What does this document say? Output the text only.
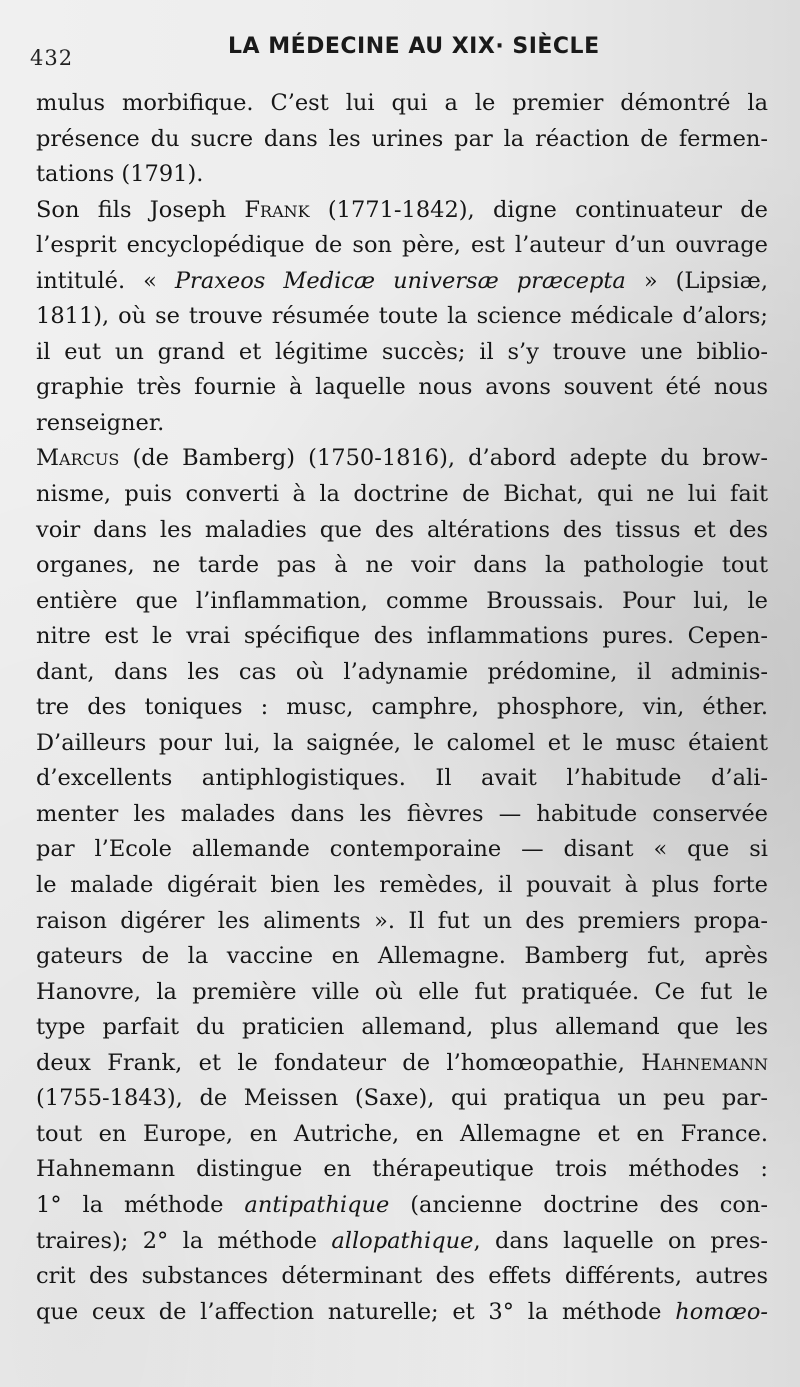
432	LA MÉDECINE AU XIX· SIÈCLE
mulus morbifique. C’est lui qui a le premier démontré la
présence du sucre dans les urines par la réaction de fermen-
tations (1791).
Son fils Joseph Frank (1771-1842), digne continuateur de
l’esprit encyclopédique de son père, est l’auteur d’un ouvrage
intitulé. « Praxeos Medicæ universæ præcepta » (Lipsiæ,
1811), où se trouve résumée toute la science médicale d’alors;
il eut un grand et légitime succès; il s’y trouve une biblio-
graphie très fournie à laquelle nous avons souvent été nous
renseigner.
Marcus (de Bamberg) (1750-1816), d’abord adepte du brow-
nisme, puis converti à la doctrine de Bichat, qui ne lui fait
voir dans les maladies que des altérations des tissus et des
organes, ne tarde pas à ne voir dans la pathologie tout
entière que l’inflammation, comme Broussais. Pour lui, le
nitre est le vrai spécifique des inflammations pures. Cepen-
dant, dans les cas où l’adynamie prédomine, il adminis-
tre des toniques : musc, camphre, phosphore, vin, éther.
D’ailleurs pour lui, la saignée, le calomel et le musc étaient
d’excellents antiphlogistiques. Il avait l’habitude d’ali-
menter les malades dans les fièvres — habitude conservée
par l’Ecole allemande contemporaine — disant « que si
le malade digérait bien les remèdes, il pouvait à plus forte
raison digérer les aliments ». Il fut un des premiers propa-
gateurs de la vaccine en Allemagne. Bamberg fut, après
Hanovre, la première ville où elle fut pratiquée. Ce fut le
type parfait du praticien allemand, plus allemand que les
deux Frank, et le fondateur de l’homœopathie, Hahnemann
(1755-1843), de Meissen (Saxe), qui pratiqua un peu par-
tout en Europe, en Autriche, en Allemagne et en France.
Hahnemann distingue en thérapeutique trois méthodes :
1° la méthode antipathique (ancienne doctrine des con-
traires); 2° la méthode allopathique, dans laquelle on pres-
crit des substances déterminant des effets différents, autres
que ceux de l’affection naturelle; et 3° la méthode homœo-
